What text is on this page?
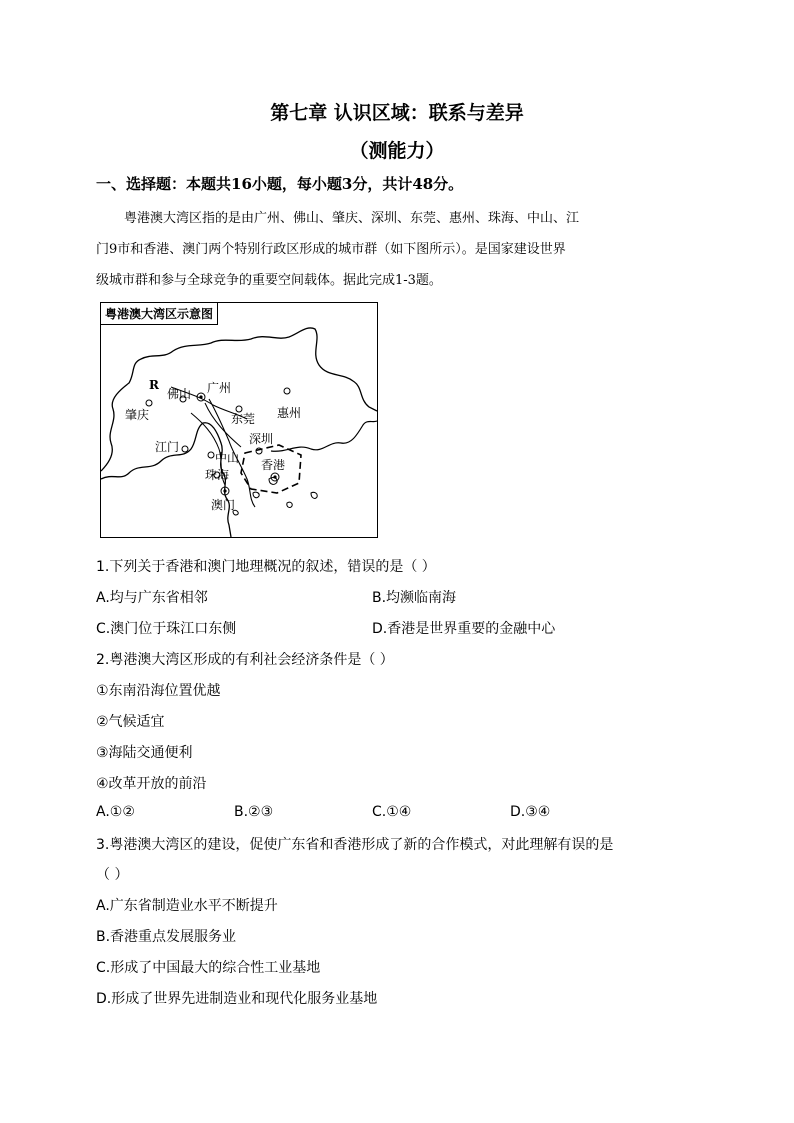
第七章 认识区域：联系与差异
（测能力）
一、选择题：本题共16小题，每小题3分，共计48分。
粤港澳大湾区指的是由广州、佛山、肇庆、深圳、东莞、惠州、珠海、中山、江
门9市和香港、澳门两个特别行政区形成的城市群（如下图所示）。是国家建设世界
级城市群和参与全球竞争的重要空间载体。据此完成1-3题。
粤港澳大湾区示意图
R
佛山 广州
肇庆	东莞 惠州
深圳
江门
中山 香港
珠海
澳门
1.下列关于香港和澳门地理概况的叙述，错误的是（ ）
A.均与广东省相邻	B.均濒临南海
C.澳门位于珠江口东侧	D.香港是世界重要的金融中心
2.粤港澳大湾区形成的有利社会经济条件是（ ）
①东南沿海位置优越
②气候适宜
③海陆交通便利
④改革开放的前沿
A.①②	B.②③	C.①④	D.③④
3.粤港澳大湾区的建设，促使广东省和香港形成了新的合作模式，对此理解有误的是
（ ）
A.广东省制造业水平不断提升
B.香港重点发展服务业
C.形成了中国最大的综合性工业基地
D.形成了世界先进制造业和现代化服务业基地
